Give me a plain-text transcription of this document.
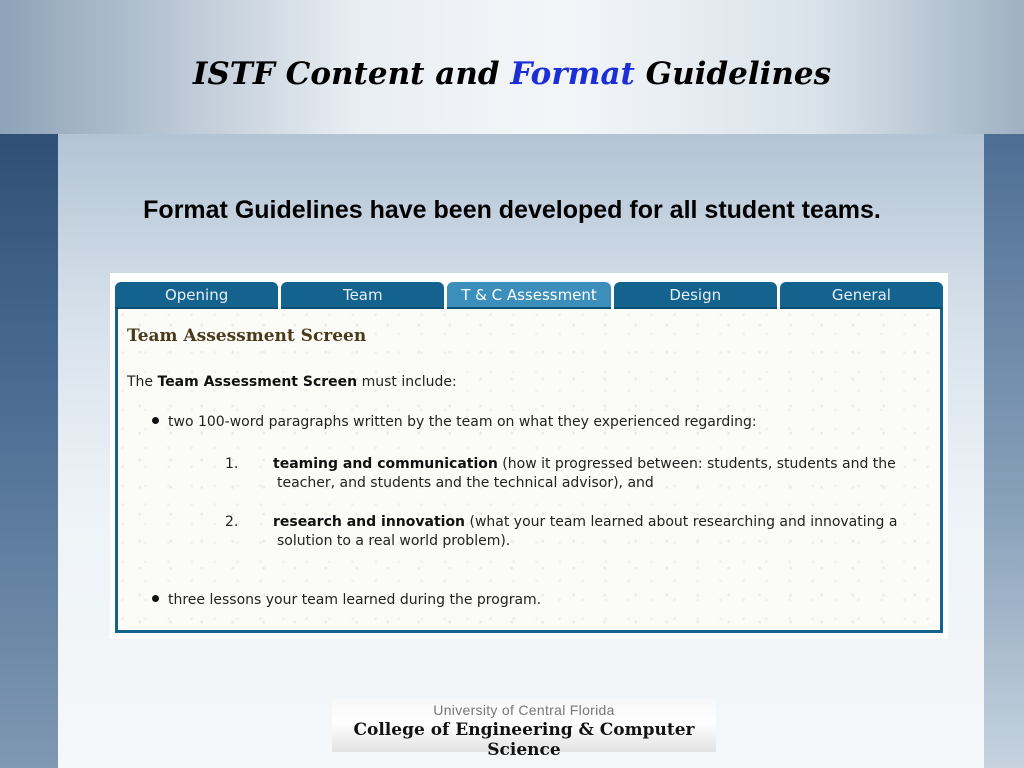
ISTF Content and Format Guidelines
Format Guidelines have been developed for all student teams.
Opening	Team	T & C Assessment	Design	General
Team Assessment Screen
The Team Assessment Screen must include:
two 100-word paragraphs written by the team on what they experienced regarding:
1. teaming and communication (how it progressed between: students, students and the teacher, and students and the technical advisor), and
2. research and innovation (what your team learned about researching and innovating a solution to a real world problem).
three lessons your team learned during the program.
University of Central Florida
College of Engineering & Computer Science
